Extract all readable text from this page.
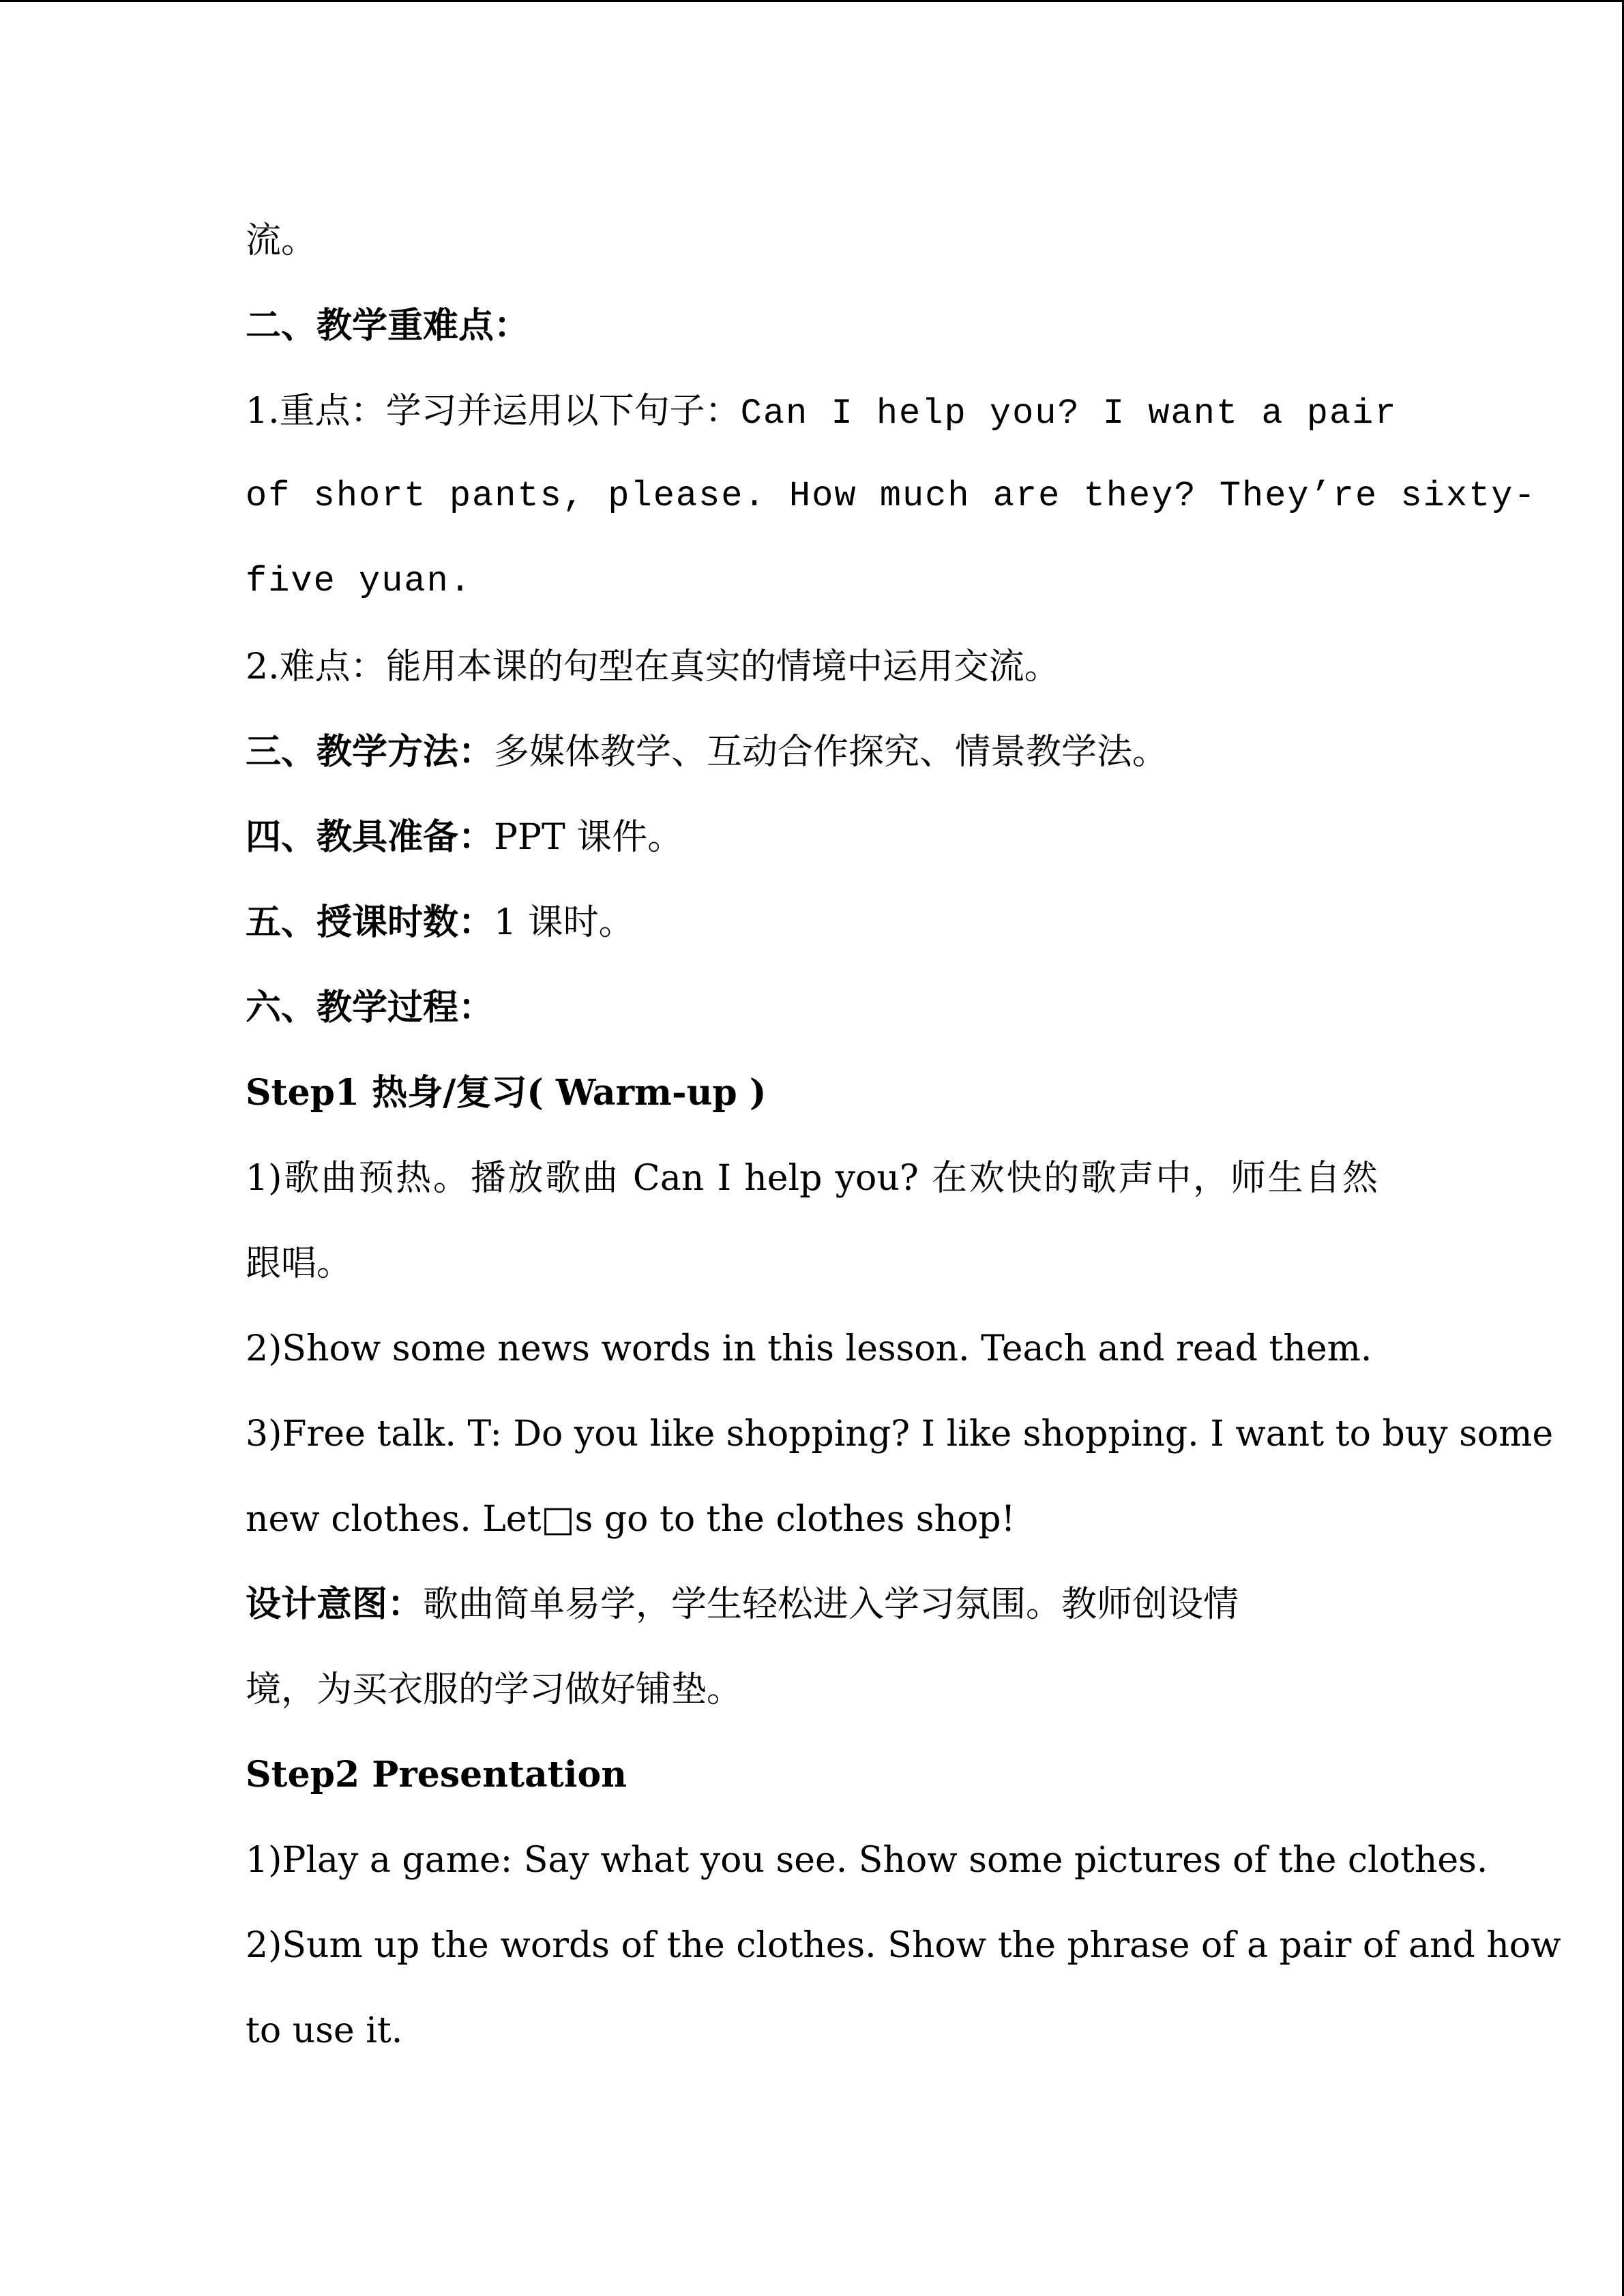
流。
二、教学重难点：
1.重点：学习并运用以下句子：Can I help you? I want a pair
of short pants, please. How much are they? They’re sixty-
five yuan.
2.难点：能用本课的句型在真实的情境中运用交流。
三、教学方法：多媒体教学、互动合作探究、情景教学法。
四、教具准备：PPT 课件。
五、授课时数：1 课时。
六、教学过程：
Step1 热身/复习( Warm-up )
1)歌曲预热。播放歌曲 Can I help you? 在欢快的歌声中，师生自然
跟唱。
2)Show some news words in this lesson. Teach and read them.
3)Free talk. T: Do you like shopping? I like shopping. I want to buy some
new clothes. Let□s go to the clothes shop!
设计意图：歌曲简单易学，学生轻松进入学习氛围。教师创设情
境，为买衣服的学习做好铺垫。
Step2 Presentation
1)Play a game: Say what you see. Show some pictures of the clothes.
2)Sum up the words of the clothes. Show the phrase of a pair of and how
to use it.
